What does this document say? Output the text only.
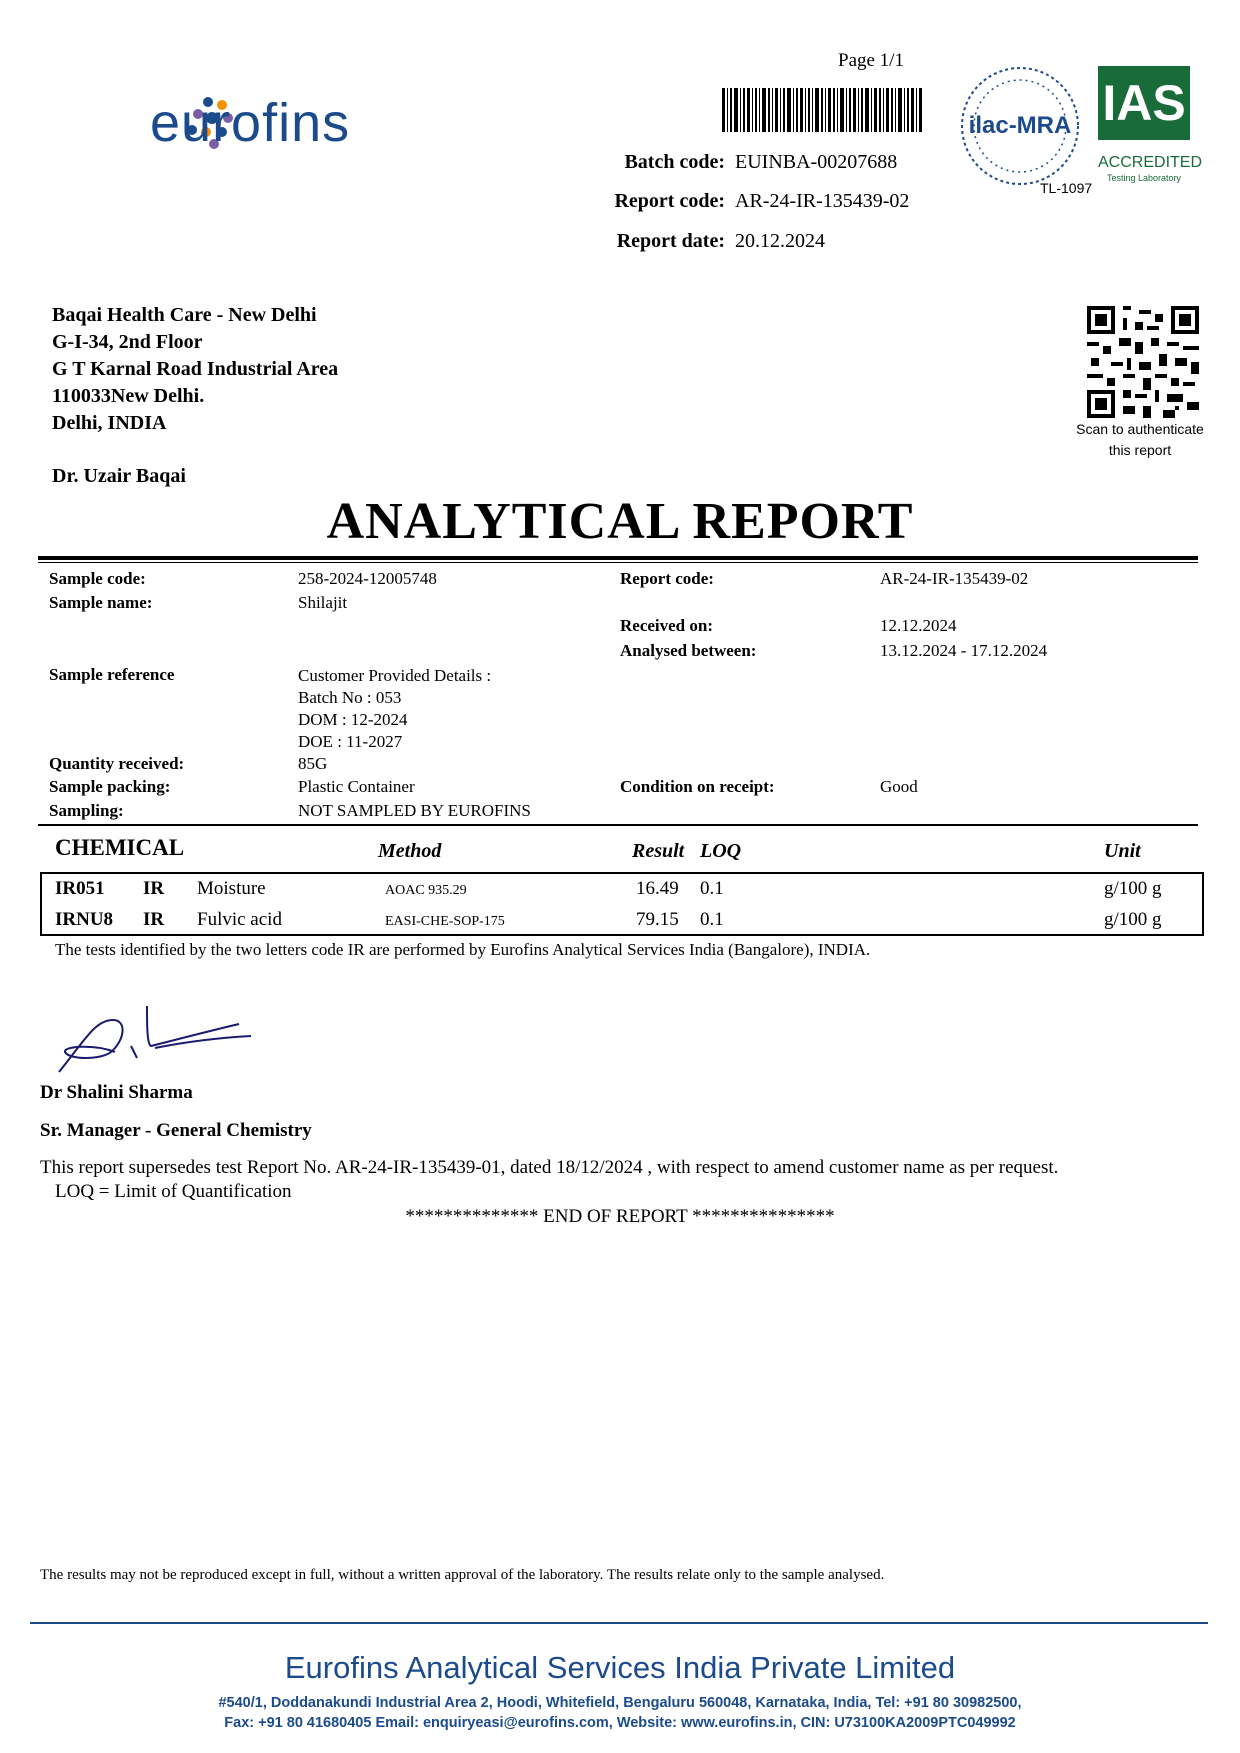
eurofins
Page 1/1
Batch code: EUINBA-00207688
Report code: AR-24-IR-135439-02
Report date: 20.12.2024
ilac-MRA
TL-1097
IAS
ACCREDITED
Testing Laboratory
Baqai Health Care - New Delhi
G-I-34, 2nd Floor
G T Karnal Road Industrial Area
110033New Delhi.
Delhi, INDIA
Dr. Uzair Baqai
Scan to authenticate
this report
ANALYTICAL REPORT
Sample code:	258-2024-12005748	Report code:	AR-24-IR-135439-02
Sample name:	Shilajit
Received on:	12.12.2024
Analysed between:	13.12.2024 - 17.12.2024
Sample reference	Customer Provided Details :
Batch No : 053
DOM : 12-2024
DOE : 11-2027
Quantity received:	85G
Sample packing:	Plastic Container	Condition on receipt:	Good
Sampling:	NOT SAMPLED BY EUROFINS
CHEMICAL	Method	Result LOQ	Unit
IR051 IR Moisture	AOAC 935.29	16.49 0.1	g/100 g
IRNU8 IR Fulvic acid	EASI-CHE-SOP-175	79.15 0.1	g/100 g
The tests identified by the two letters code IR are performed by Eurofins Analytical Services India (Bangalore), INDIA.
Dr Shalini Sharma
Sr. Manager - General Chemistry
This report supersedes test Report No. AR-24-IR-135439-01, dated 18/12/2024 , with respect to amend customer name as per request.
LOQ = Limit of Quantification
************** END OF REPORT ***************
The results may not be reproduced except in full, without a written approval of the laboratory. The results relate only to the sample analysed.
Eurofins Analytical Services India Private Limited
#540/1, Doddanakundi Industrial Area 2, Hoodi, Whitefield, Bengaluru 560048, Karnataka, India, Tel: +91 80 30982500,
Fax: +91 80 41680405 Email: enquiryeasi@eurofins.com, Website: www.eurofins.in, CIN: U73100KA2009PTC049992
